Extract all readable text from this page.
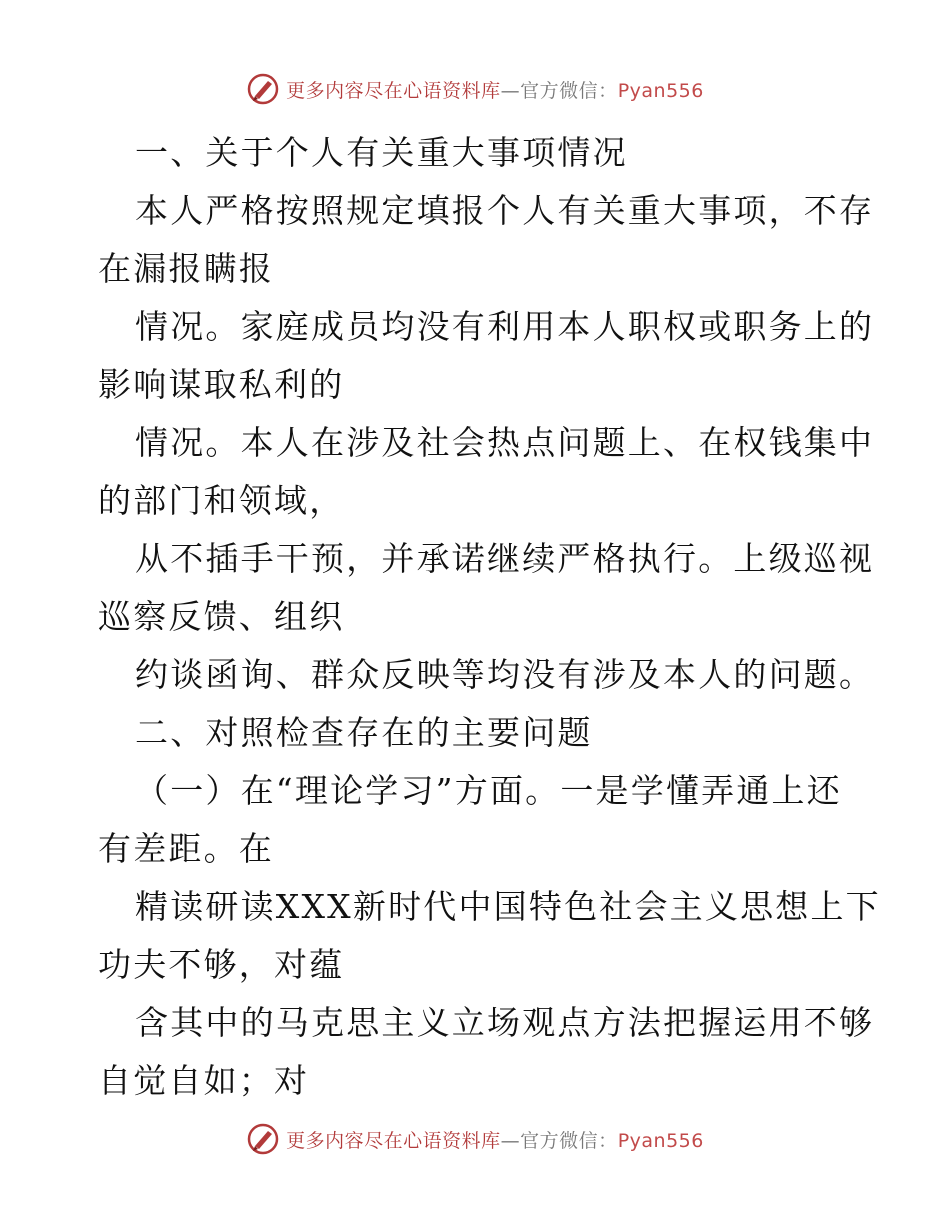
更多内容尽在心语资料库—官方微信：Pyan556
一、关于个人有关重大事项情况
本人严格按照规定填报个人有关重大事项，不存
在漏报瞒报
情况。家庭成员均没有利用本人职权或职务上的
影响谋取私利的
情况。本人在涉及社会热点问题上、在权钱集中
的部门和领域，
从不插手干预，并承诺继续严格执行。上级巡视
巡察反馈、组织
约谈函询、群众反映等均没有涉及本人的问题。
二、对照检查存在的主要问题
（一）在“理论学习”方面。一是学懂弄通上还
有差距。在
精读研读XXX新时代中国特色社会主义思想上下
功夫不够，对蕴
含其中的马克思主义立场观点方法把握运用不够
自觉自如；对
更多内容尽在心语资料库—官方微信：Pyan556
